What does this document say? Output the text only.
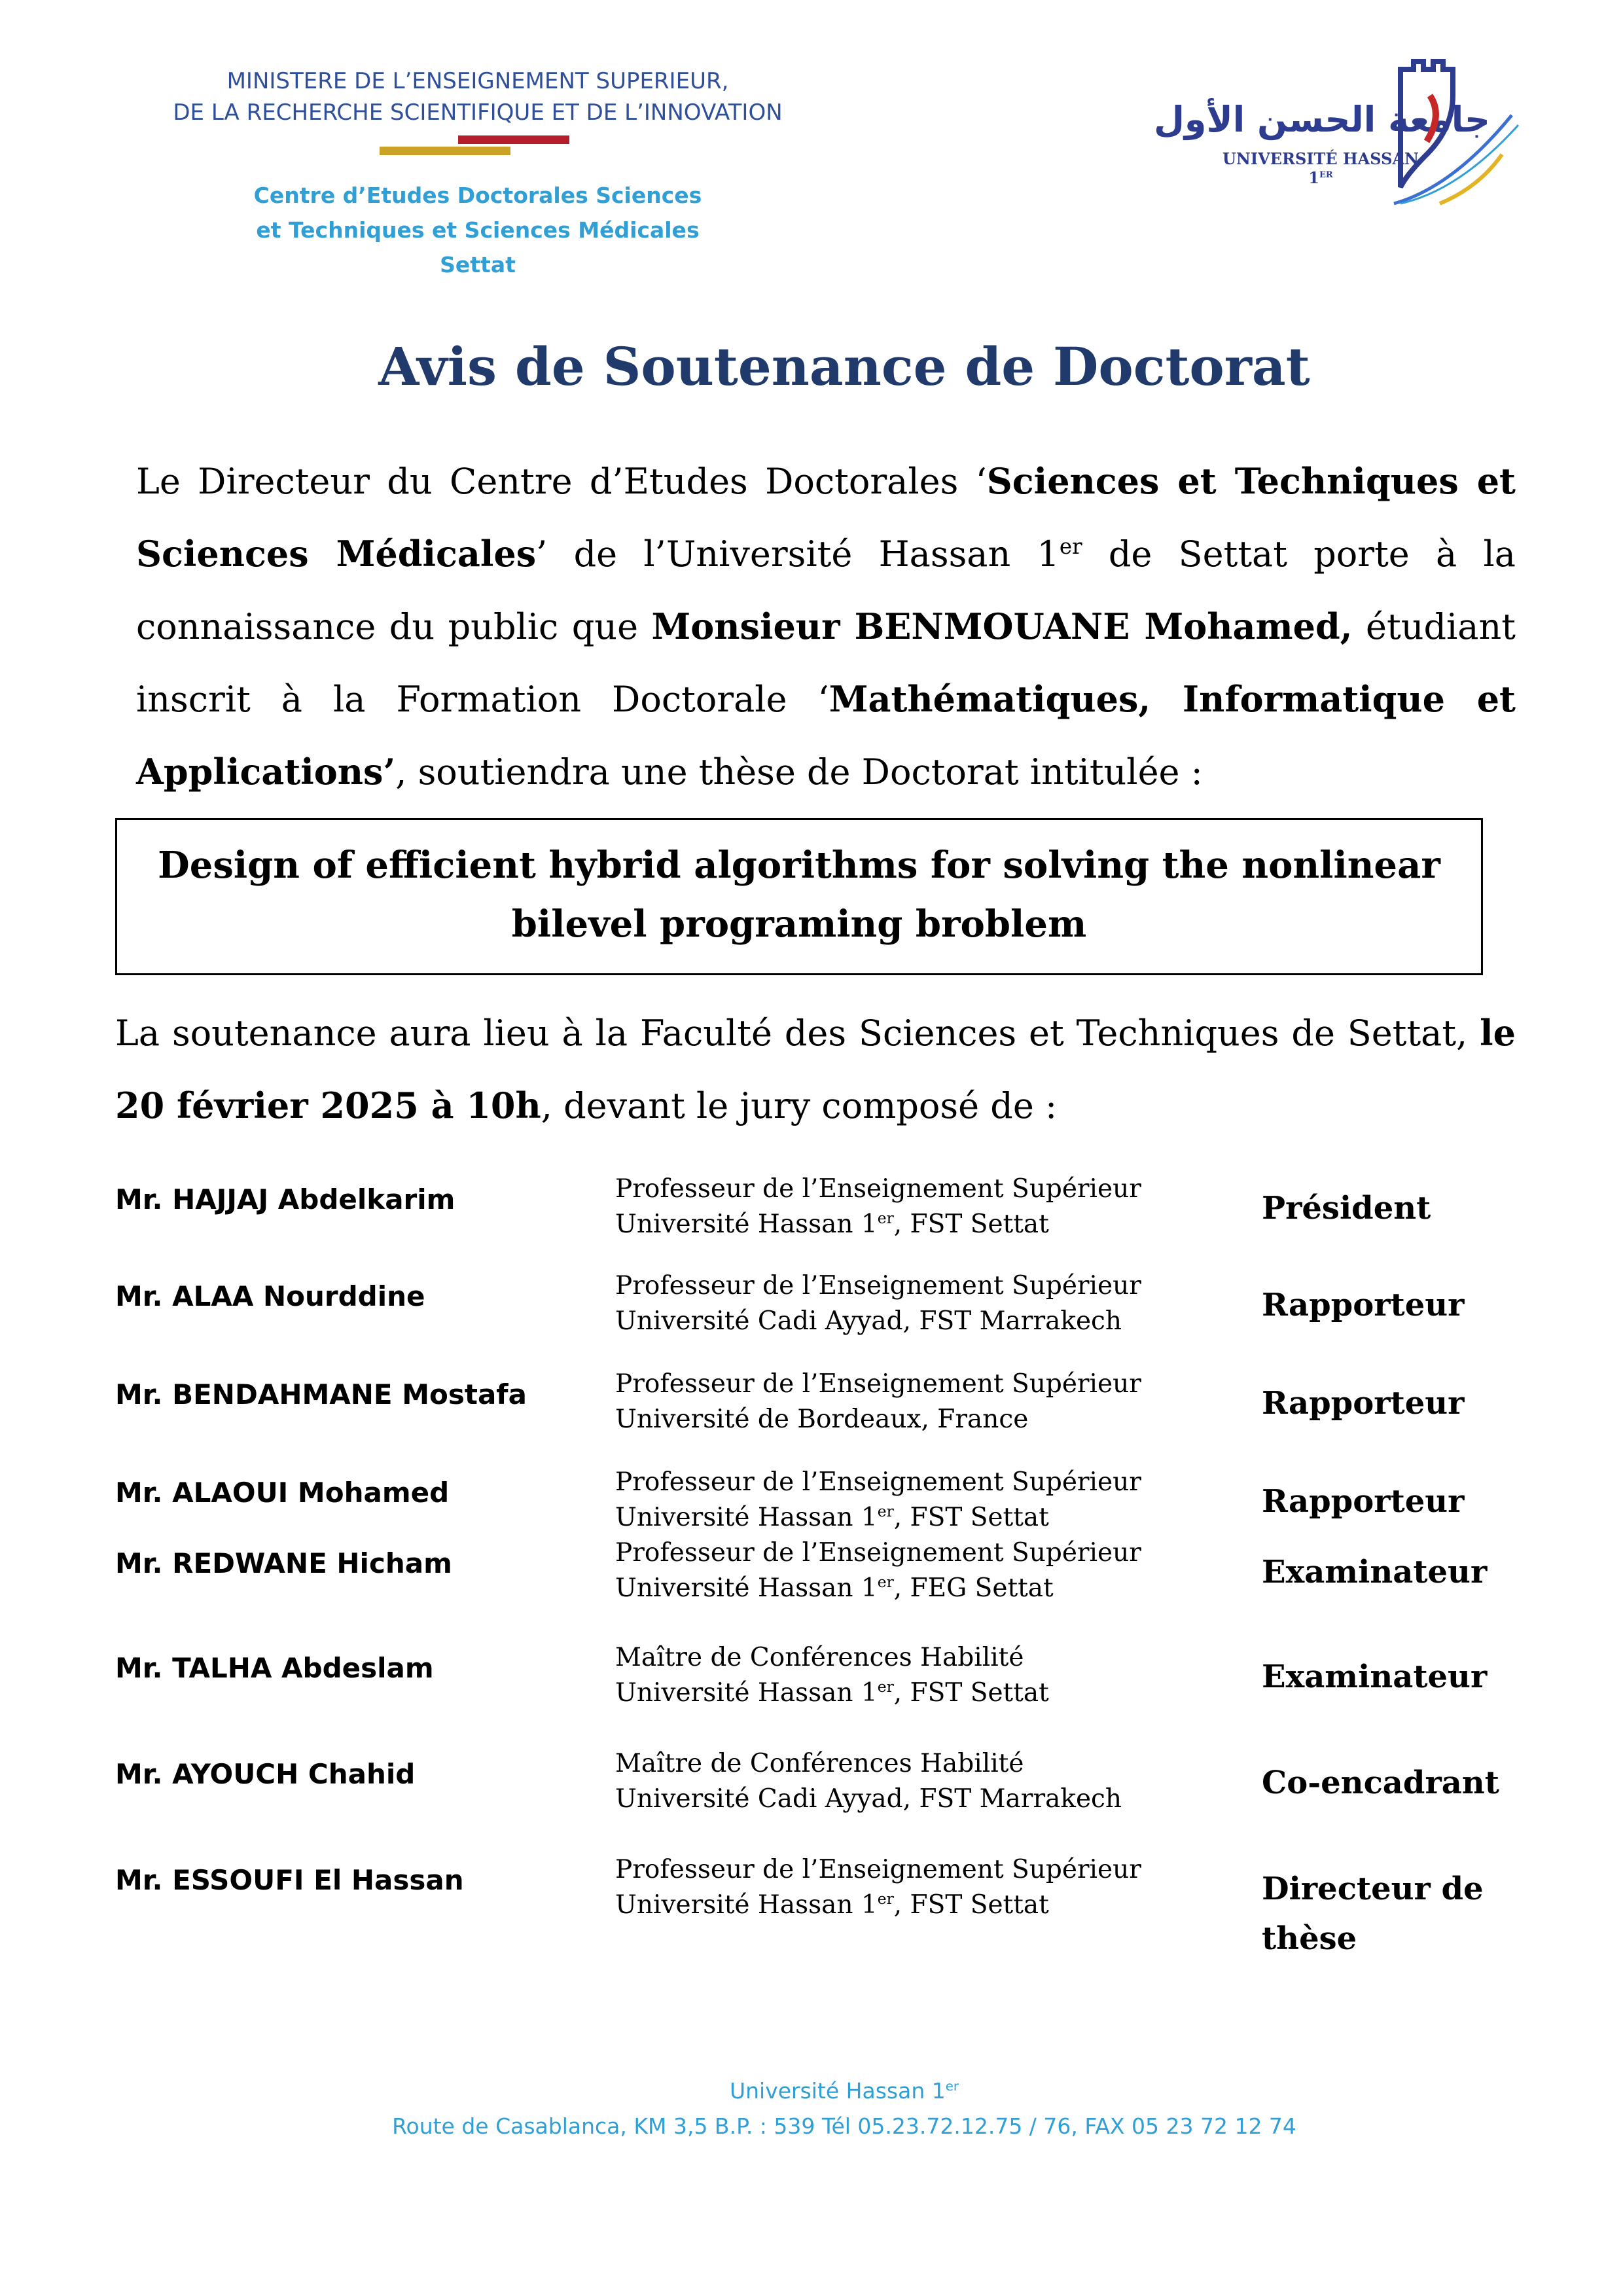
MINISTERE DE L’ENSEIGNEMENT SUPERIEUR,
DE LA RECHERCHE SCIENTIFIQUE ET DE L’INNOVATION
Centre d’Etudes Doctorales Sciences
et Techniques et Sciences Médicales
Settat
جامعة الحسن الأول
UNIVERSITÉ HASSAN 1ER
Avis de Soutenance de Doctorat
Le Directeur du Centre d’Etudes Doctorales ‘Sciences et Techniques et Sciences Médicales’ de l’Université Hassan 1er de Settat porte à la connaissance du public que Monsieur BENMOUANE Mohamed, étudiant inscrit à la Formation Doctorale ‘Mathématiques, Informatique et Applications’, soutiendra une thèse de Doctorat intitulée :
Design of efficient hybrid algorithms for solving the nonlinear
bilevel programing broblem
La soutenance aura lieu à la Faculté des Sciences et Techniques de Settat, le 20 février 2025 à 10h, devant le jury composé de :
Mr. HAJJAJ Abdelkarim	Professeur de l’Enseignement Supérieur
Université Hassan 1er, FST Settat	Président
Mr. ALAA Nourddine	Professeur de l’Enseignement Supérieur
Université Cadi Ayyad, FST Marrakech	Rapporteur
Mr. BENDAHMANE Mostafa	Professeur de l’Enseignement Supérieur
Université de Bordeaux, France	Rapporteur
Mr. ALAOUI Mohamed	Professeur de l’Enseignement Supérieur
Université Hassan 1er, FST Settat	Rapporteur
Mr. REDWANE Hicham	Professeur de l’Enseignement Supérieur
Université Hassan 1er, FEG Settat	Examinateur
Mr. TALHA Abdeslam	Maître de Conférences Habilité
Université Hassan 1er, FST Settat	Examinateur
Mr. AYOUCH Chahid	Maître de Conférences Habilité
Université Cadi Ayyad, FST Marrakech	Co-encadrant
Mr. ESSOUFI El Hassan	Professeur de l’Enseignement Supérieur
Université Hassan 1er, FST Settat	Directeur de thèse
Université Hassan 1er
Route de Casablanca, KM 3,5 B.P. : 539 Tél 05.23.72.12.75 / 76, FAX 05 23 72 12 74
